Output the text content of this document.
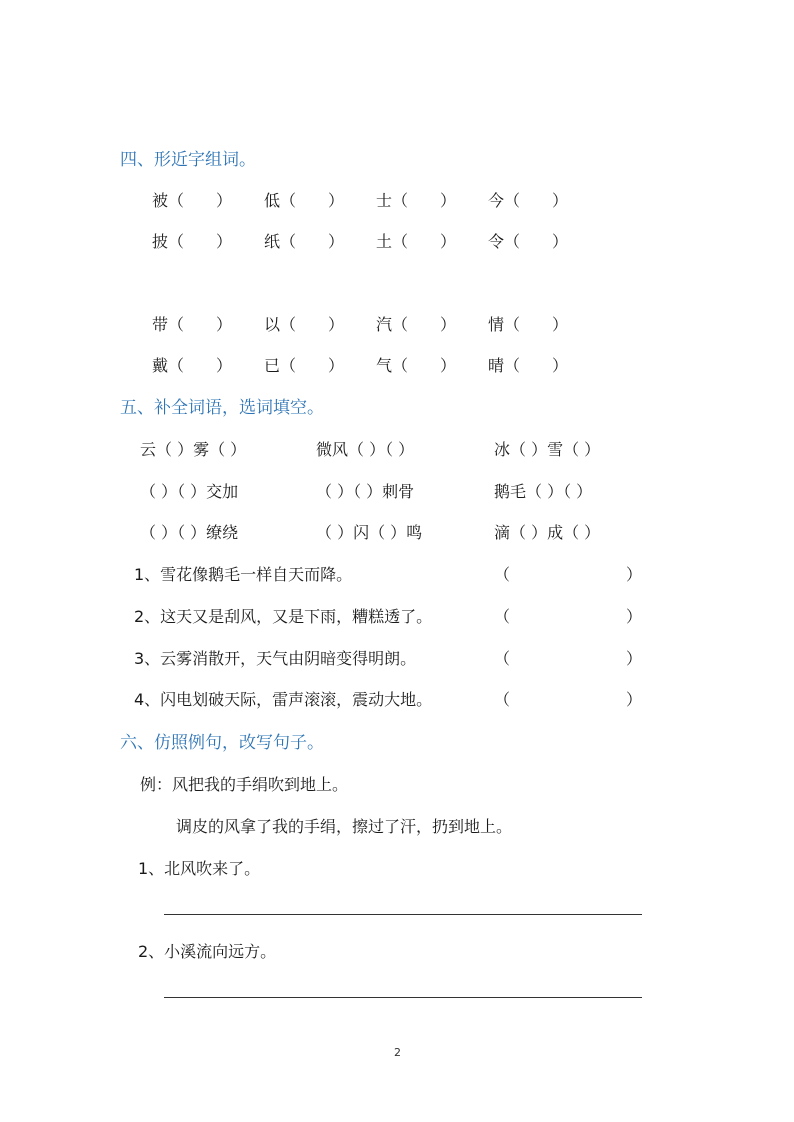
四、形近字组词。
被（　　） 低（　　） 士（　　） 今（　　）
披（　　） 纸（　　） 土（　　） 令（　　）
带（　　） 以（　　） 汽（　　） 情（　　）
戴（　　） 已（　　） 气（　　） 晴（　　）
五、补全词语，选词填空。
云（ ）雾（ ）	微风（ ）（ ）	冰（ ）雪（ ）
（ ）（ ）交加	（ ）（ ）刺骨	鹅毛（ ）（ ）
（ ）（ ）缭绕	（ ）闪（ ）鸣	滴（ ）成（ ）
1、雪花像鹅毛一样自天而降。	（	）
2、这天又是刮风，又是下雨，糟糕透了。	（	）
3、云雾消散开，天气由阴暗变得明朗。	（	）
4、闪电划破天际，雷声滚滚，震动大地。	（	）
六、仿照例句，改写句子。
例：风把我的手绢吹到地上。
调皮的风拿了我的手绢，擦过了汗，扔到地上。
1、北风吹来了。
2、小溪流向远方。
2
